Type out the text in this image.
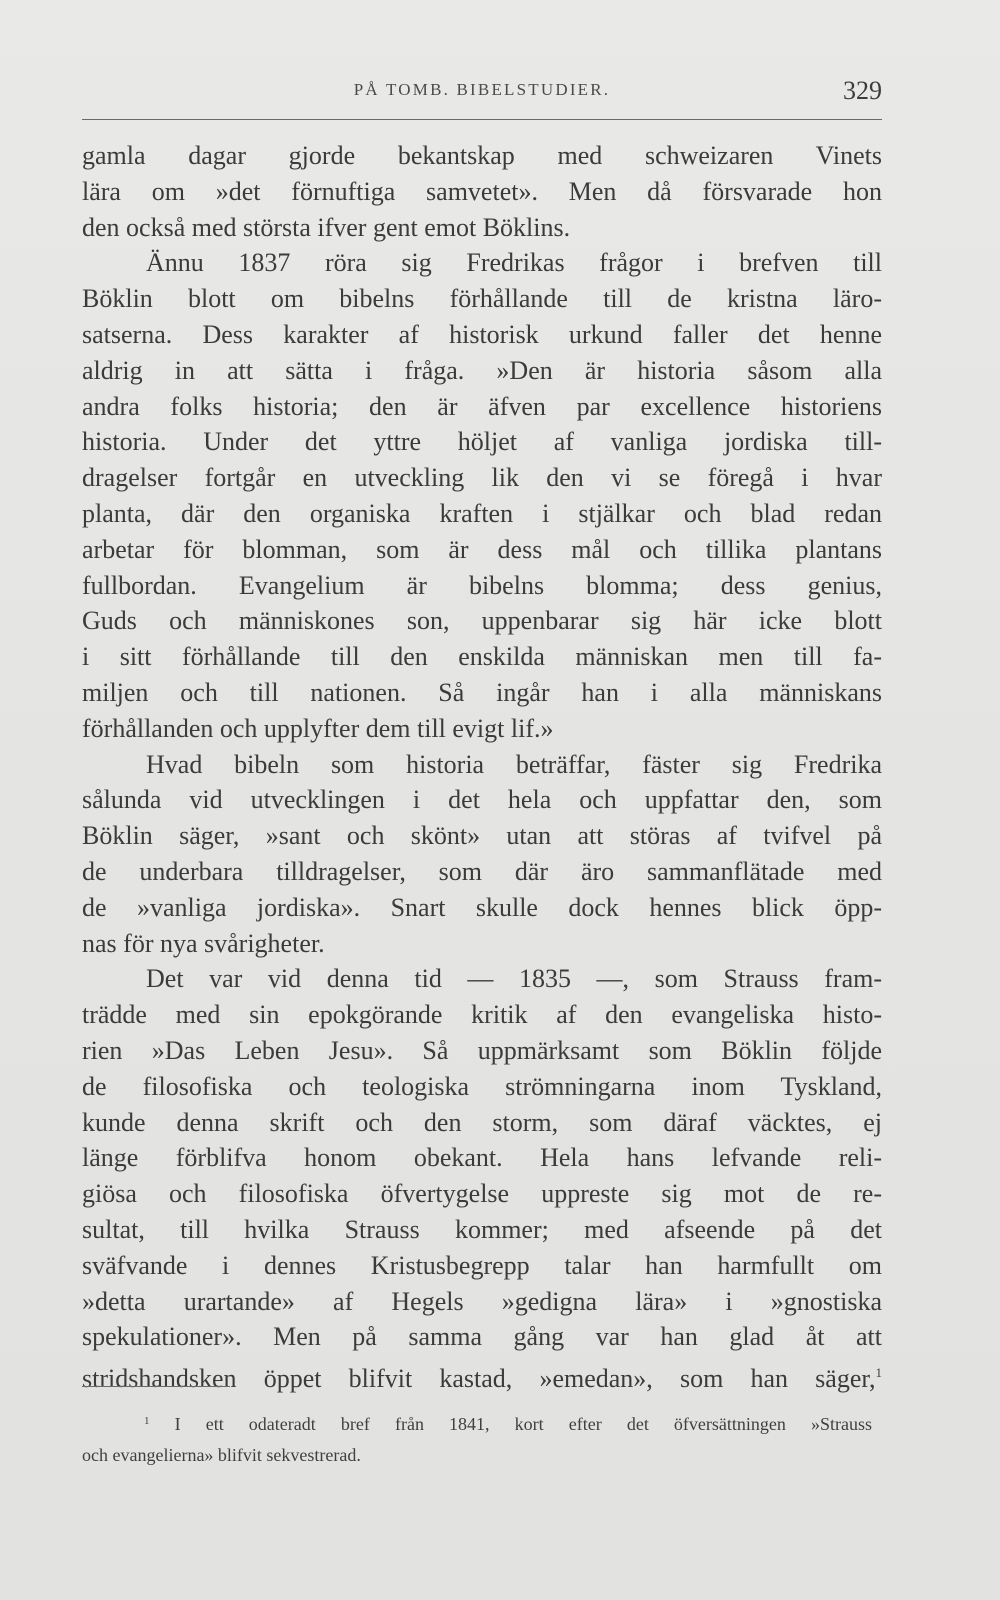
PÅ TOMB. BIBELSTUDIER.	329
gamla dagar gjorde bekantskap med schweizaren Vinets
lära om »det förnuftiga samvetet». Men då försvarade hon
den också med största ifver gent emot Böklins.
Ännu 1837 röra sig Fredrikas frågor i brefven till
Böklin blott om bibelns förhållande till de kristna läro-
satserna. Dess karakter af historisk urkund faller det henne
aldrig in att sätta i fråga. »Den är historia såsom alla
andra folks historia; den är äfven par excellence historiens
historia. Under det yttre höljet af vanliga jordiska till-
dragelser fortgår en utveckling lik den vi se föregå i hvar
planta, där den organiska kraften i stjälkar och blad redan
arbetar för blomman, som är dess mål och tillika plantans
fullbordan. Evangelium är bibelns blomma; dess genius,
Guds och människones son, uppenbarar sig här icke blott
i sitt förhållande till den enskilda människan men till fa-
miljen och till nationen. Så ingår han i alla människans
förhållanden och upplyfter dem till evigt lif.»
Hvad bibeln som historia beträffar, fäster sig Fredrika
sålunda vid utvecklingen i det hela och uppfattar den, som
Böklin säger, »sant och skönt» utan att störas af tvifvel på
de underbara tilldragelser, som där äro sammanflätade med
de »vanliga jordiska». Snart skulle dock hennes blick öpp-
nas för nya svårigheter.
Det var vid denna tid — 1835 —, som Strauss fram-
trädde med sin epokgörande kritik af den evangeliska histo-
rien »Das Leben Jesu». Så uppmärksamt som Böklin följde
de filosofiska och teologiska strömningarna inom Tyskland,
kunde denna skrift och den storm, som däraf väcktes, ej
länge förblifva honom obekant. Hela hans lefvande reli-
giösa och filosofiska öfvertygelse uppreste sig mot de re-
sultat, till hvilka Strauss kommer; med afseende på det
sväfvande i dennes Kristusbegrepp talar han harmfullt om
»detta urartande» af Hegels »gedigna lära» i »gnostiska
spekulationer». Men på samma gång var han glad åt att
stridshandsken öppet blifvit kastad, »emedan», som han säger,$^1$
$^1$ I ett odateradt bref från 1841, kort efter det öfversättningen »Strauss
och evangelierna» blifvit sekvestrerad.
